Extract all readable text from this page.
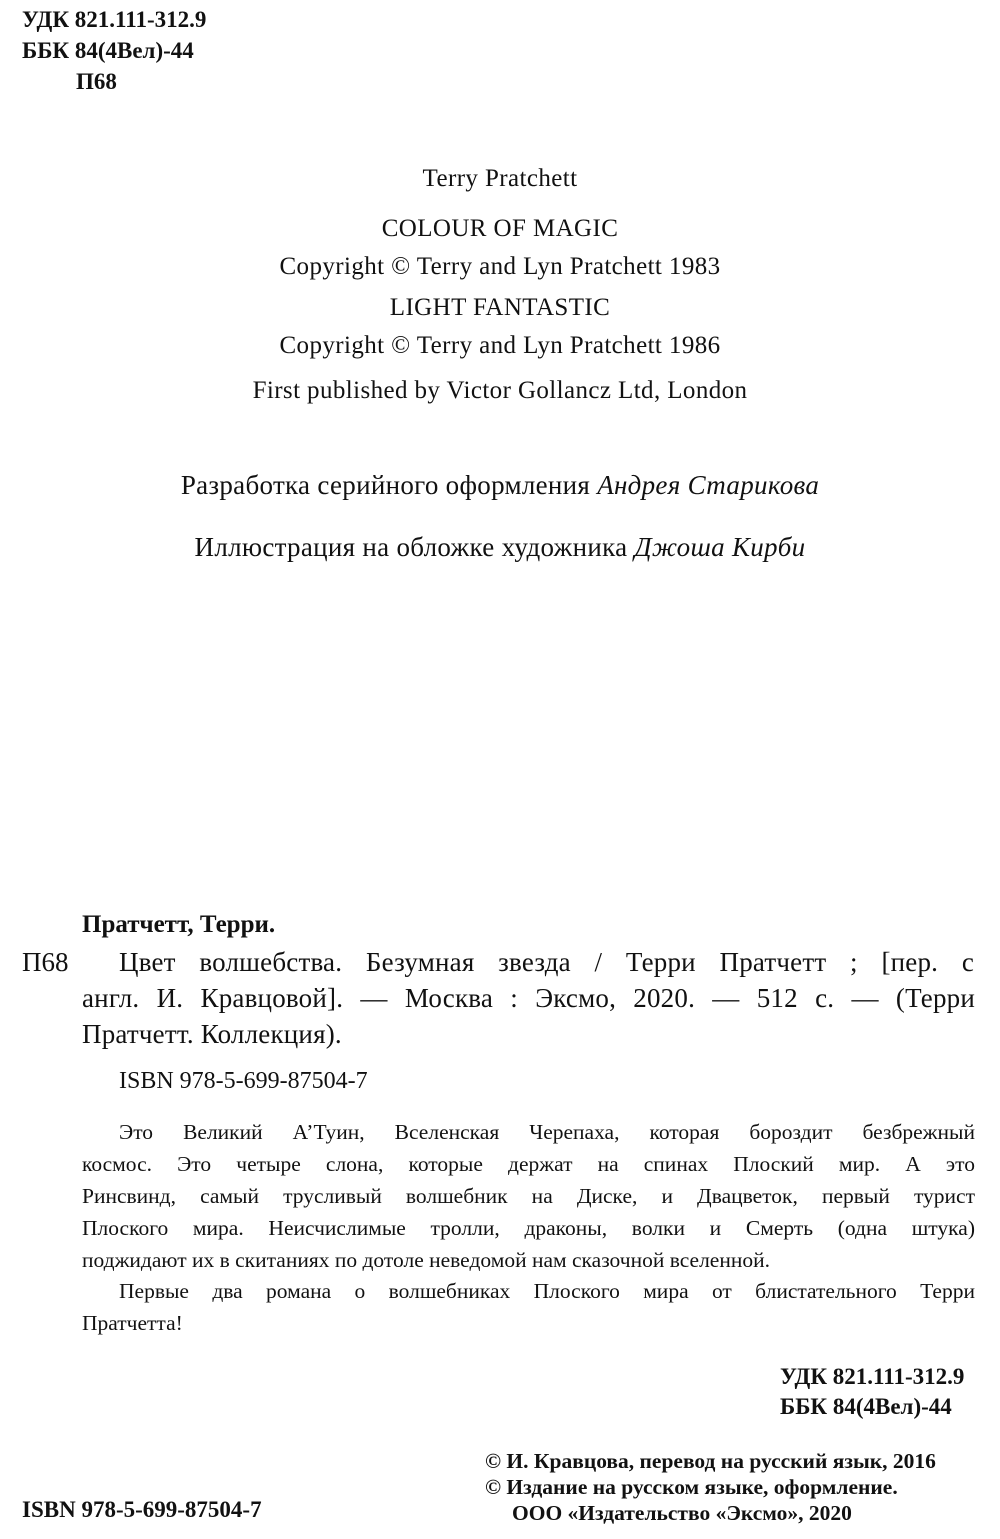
УДК 821.111-312.9
ББК 84(4Вел)-44
П68
Terry Pratchett
COLOUR OF MAGIC
Copyright © Terry and Lyn Pratchett 1983
LIGHT FANTASTIC
Copyright © Terry and Lyn Pratchett 1986
First published by Victor Gollancz Ltd, London
Разработка серийного оформления Андрея Старикова
Иллюстрация на обложке художника Джоша Кирби
Пратчетт, Терри.
П68 Цвет волшебства. Безумная звезда / Терри Пратчетт ; [пер. с
англ. И. Кравцовой]. — Москва : Эксмо, 2020. — 512 с. — (Терри
Пратчетт. Коллекция).
ISBN 978-5-699-87504-7
Это Великий А’Туин, Вселенская Черепаха, которая бороздит безбрежный
космос. Это четыре слона, которые держат на спинах Плоский мир. А это
Ринсвинд, самый трусливый волшебник на Диске, и Двацветок, первый турист
Плоского мира. Неисчислимые тролли, драконы, волки и Смерть (одна штука)
поджидают их в скитаниях по дотоле неведомой нам сказочной вселенной.
Первые два романа о волшебниках Плоского мира от блистательного Терри
Пратчетта!
УДК 821.111-312.9
ББК 84(4Вел)-44
ISBN 978-5-699-87504-7
© И. Кравцова, перевод на русский язык, 2016
© Издание на русском языке, оформление.
ООО «Издательство «Эксмо», 2020
